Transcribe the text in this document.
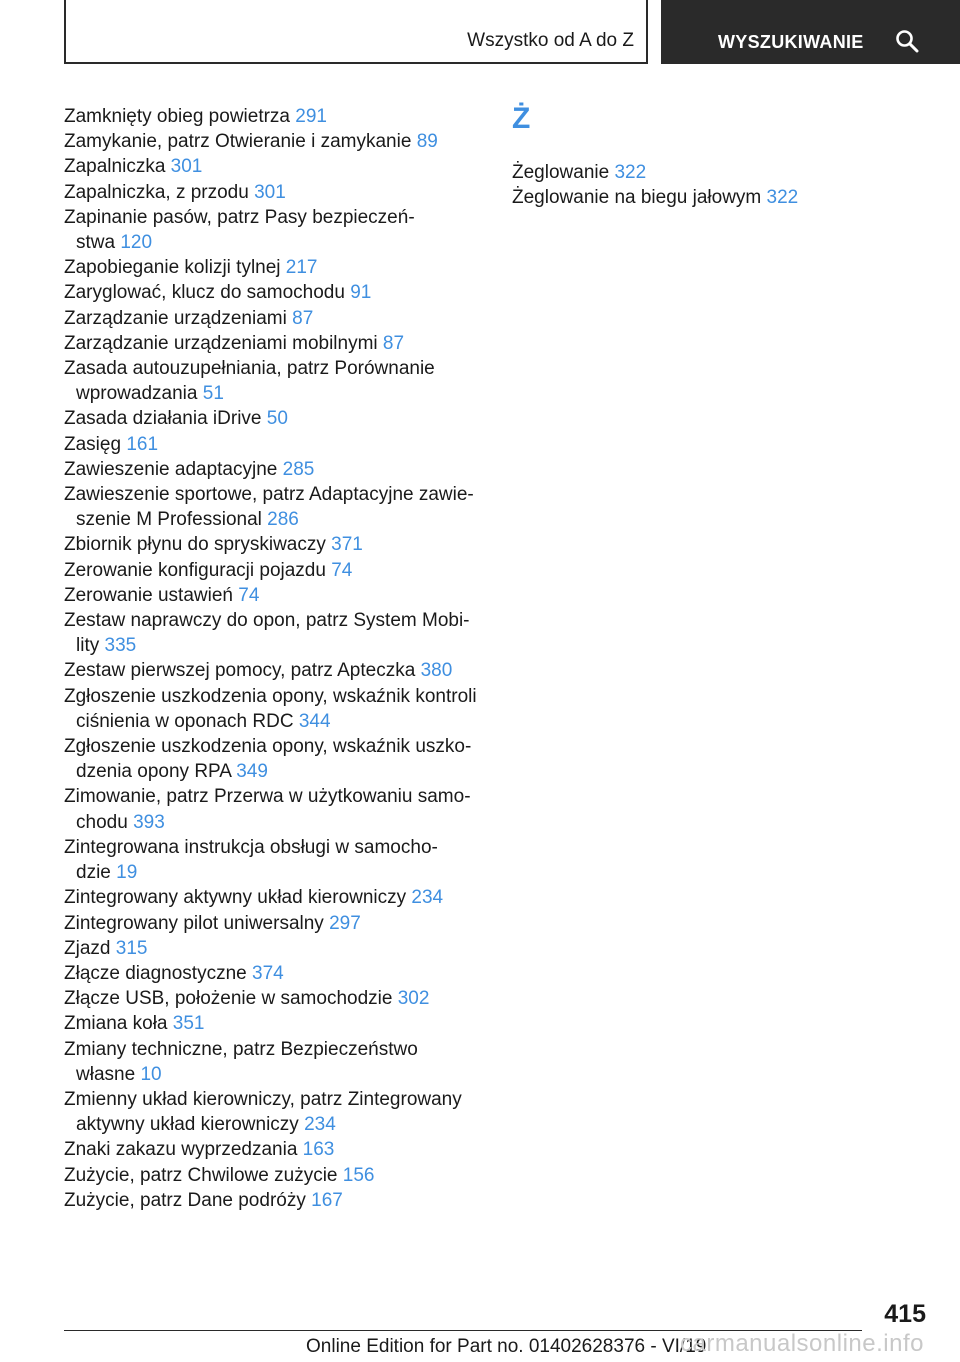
Wszystko od A do Z	WYSZUKIWANIE
Zamknięty obieg powietrza 291
Zamykanie, patrz Otwieranie i zamykanie 89
Zapalniczka 301
Zapalniczka, z przodu 301
Zapinanie pasów, patrz Pasy bezpieczeń-
stwa 120
Zapobieganie kolizji tylnej 217
Zaryglować, klucz do samochodu 91
Zarządzanie urządzeniami 87
Zarządzanie urządzeniami mobilnymi 87
Zasada autouzupełniania, patrz Porównanie
wprowadzania 51
Zasada działania iDrive 50
Zasięg 161
Zawieszenie adaptacyjne 285
Zawieszenie sportowe, patrz Adaptacyjne zawie-
szenie M Professional 286
Zbiornik płynu do spryskiwaczy 371
Zerowanie konfiguracji pojazdu 74
Zerowanie ustawień 74
Zestaw naprawczy do opon, patrz System Mobi-
lity 335
Zestaw pierwszej pomocy, patrz Apteczka 380
Zgłoszenie uszkodzenia opony, wskaźnik kontroli
ciśnienia w oponach RDC 344
Zgłoszenie uszkodzenia opony, wskaźnik uszko-
dzenia opony RPA 349
Zimowanie, patrz Przerwa w użytkowaniu samo-
chodu 393
Zintegrowana instrukcja obsługi w samocho-
dzie 19
Zintegrowany aktywny układ kierowniczy 234
Zintegrowany pilot uniwersalny 297
Zjazd 315
Złącze diagnostyczne 374
Złącze USB, położenie w samochodzie 302
Zmiana koła 351
Zmiany techniczne, patrz Bezpieczeństwo
własne 10
Zmienny układ kierowniczy, patrz Zintegrowany
aktywny układ kierowniczy 234
Znaki zakazu wyprzedzania 163
Zużycie, patrz Chwilowe zużycie 156
Zużycie, patrz Dane podróży 167
Ż
Żeglowanie 322
Żeglowanie na biegu jałowym 322
415
Online Edition for Part no. 01402628376 - VI/19
carmanualsonline.info
